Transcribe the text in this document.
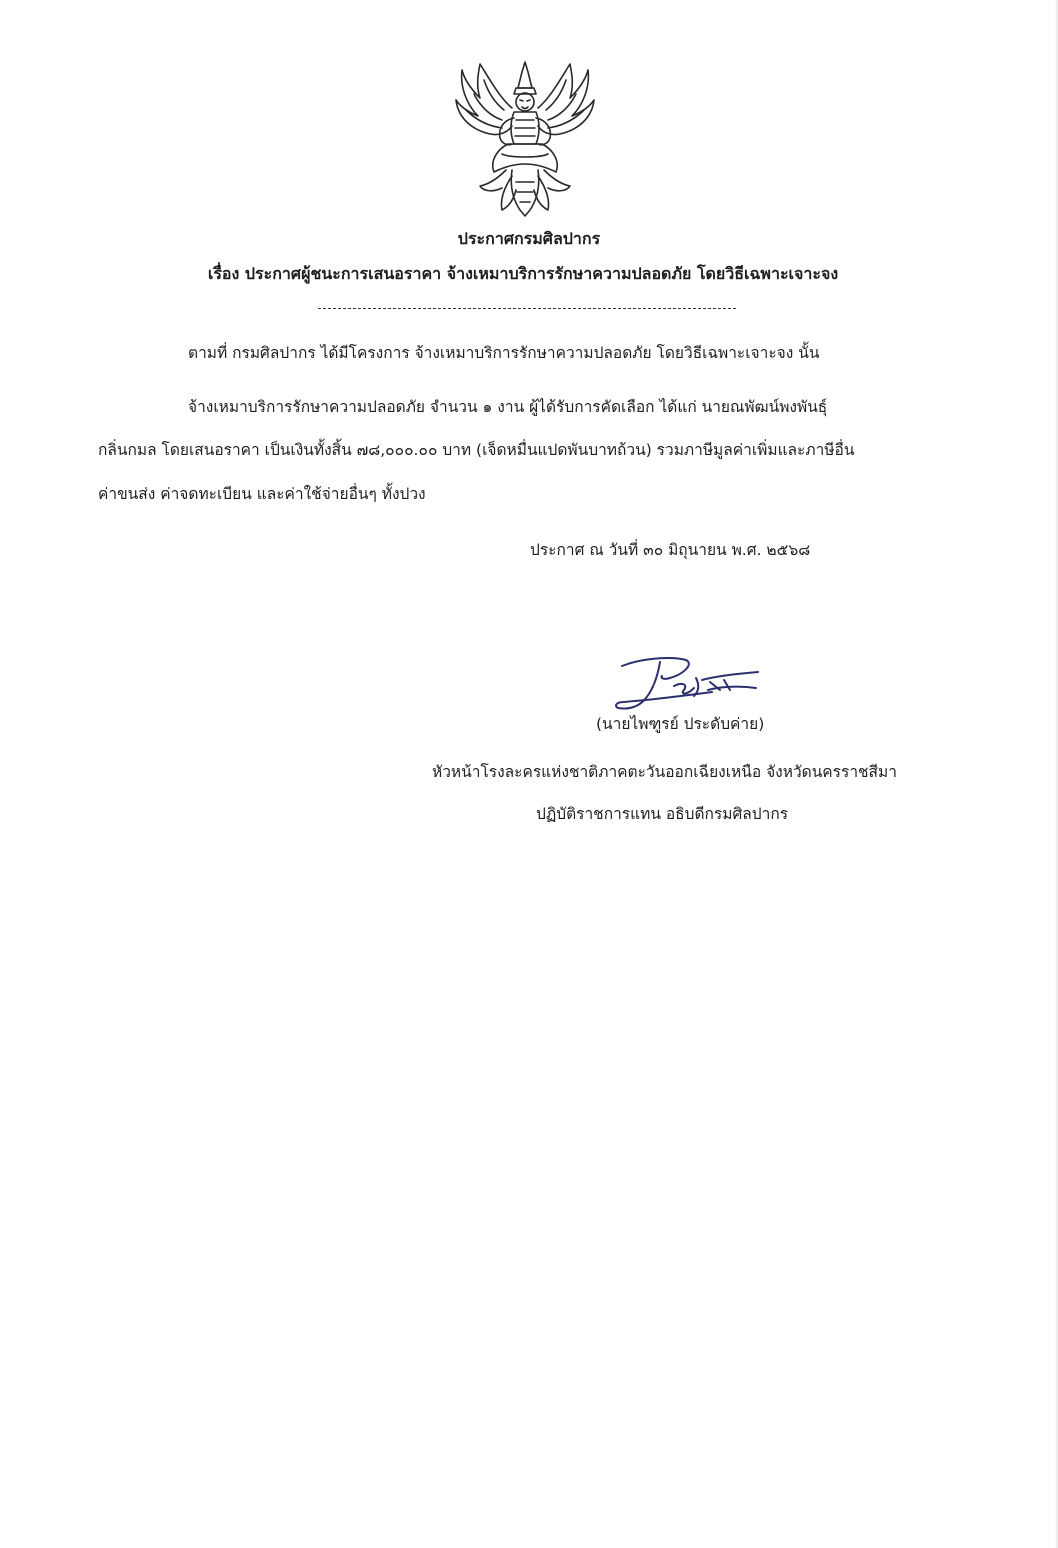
ประกาศกรมศิลปากร
เรื่อง ประกาศผู้ชนะการเสนอราคา จ้างเหมาบริการรักษาความปลอดภัย โดยวิธีเฉพาะเจาะจง
ตามที่ กรมศิลปากร ได้มีโครงการ จ้างเหมาบริการรักษาความปลอดภัย โดยวิธีเฉพาะเจาะจง นั้น
จ้างเหมาบริการรักษาความปลอดภัย จำนวน ๑ งาน ผู้ได้รับการคัดเลือก ได้แก่ นายณพัฒน์พงพันธุ์
กลิ่นกมล โดยเสนอราคา เป็นเงินทั้งสิ้น ๗๘,๐๐๐.๐๐ บาท (เจ็ดหมื่นแปดพันบาทถ้วน) รวมภาษีมูลค่าเพิ่มและภาษีอื่น
ค่าขนส่ง ค่าจดทะเบียน และค่าใช้จ่ายอื่นๆ ทั้งปวง
ประกาศ ณ วันที่ ๓๐ มิถุนายน พ.ศ. ๒๕๖๘
(นายไพฑูรย์ ประดับค่าย)
หัวหน้าโรงละครแห่งชาติภาคตะวันออกเฉียงเหนือ จังหวัดนครราชสีมา
ปฏิบัติราชการแทน อธิบดีกรมศิลปากร
